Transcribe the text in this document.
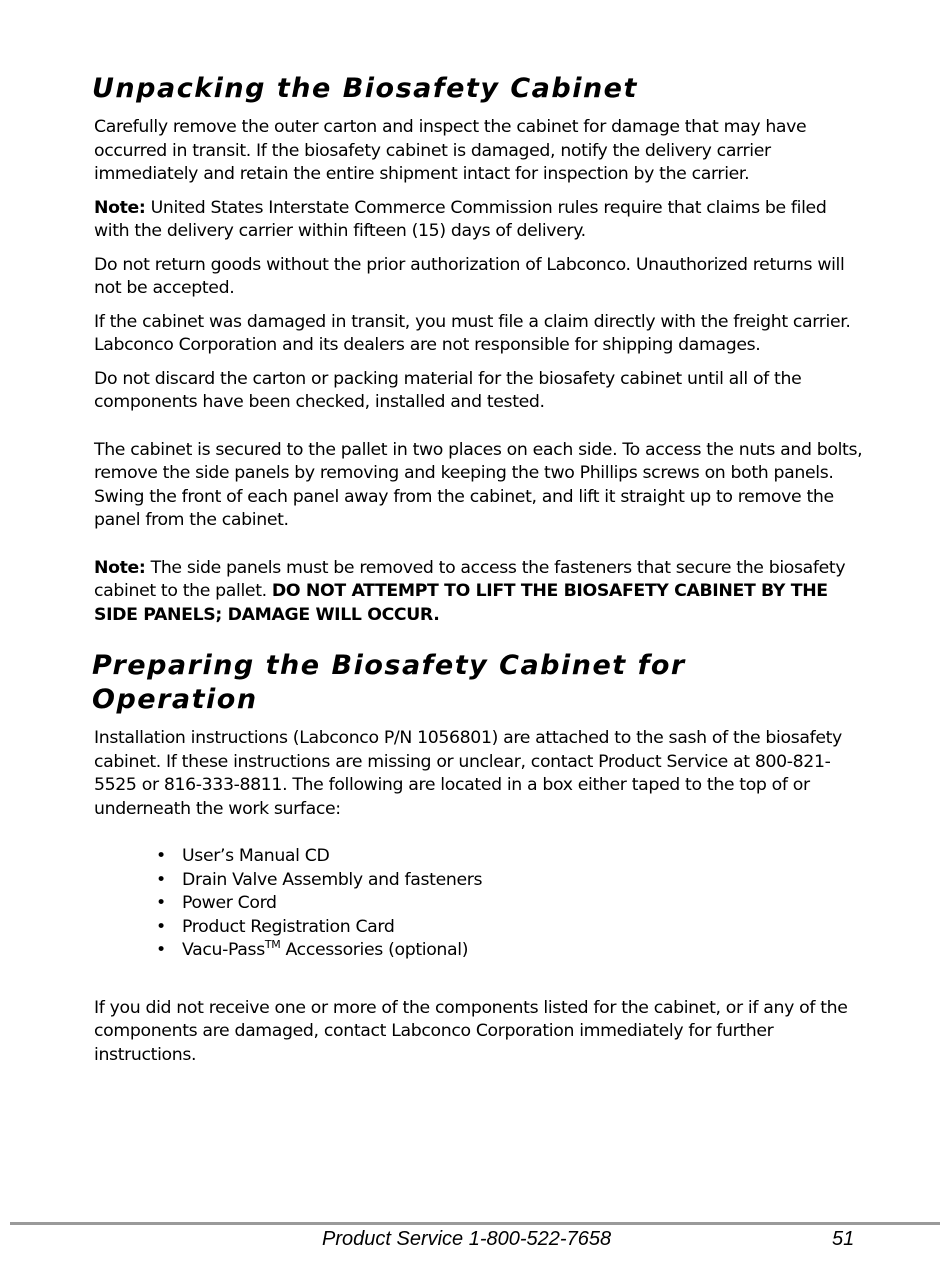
Unpacking the Biosafety Cabinet

Carefully remove the outer carton and inspect the cabinet for damage that may have occurred in transit. If the biosafety cabinet is damaged, notify the delivery carrier immediately and retain the entire shipment intact for inspection by the carrier.

Note: United States Interstate Commerce Commission rules require that claims be filed with the delivery carrier within fifteen (15) days of delivery.

Do not return goods without the prior authorization of Labconco. Unauthorized returns will not be accepted.

If the cabinet was damaged in transit, you must file a claim directly with the freight carrier. Labconco Corporation and its dealers are not responsible for shipping damages.

Do not discard the carton or packing material for the biosafety cabinet until all of the components have been checked, installed and tested.

The cabinet is secured to the pallet in two places on each side. To access the nuts and bolts, remove the side panels by removing and keeping the two Phillips screws on both panels. Swing the front of each panel away from the cabinet, and lift it straight up to remove the panel from the cabinet.

Note: The side panels must be removed to access the fasteners that secure the biosafety cabinet to the pallet. DO NOT ATTEMPT TO LIFT THE BIOSAFETY CABINET BY THE SIDE PANELS; DAMAGE WILL OCCUR.

Preparing the Biosafety Cabinet for Operation

Installation instructions (Labconco P/N 1056801) are attached to the sash of the biosafety cabinet. If these instructions are missing or unclear, contact Product Service at 800-821-5525 or 816-333-8811. The following are located in a box either taped to the top of or underneath the work surface:

• User’s Manual CD
• Drain Valve Assembly and fasteners
• Power Cord
• Product Registration Card
• Vacu-Pass™ Accessories (optional)

If you did not receive one or more of the components listed for the cabinet, or if any of the components are damaged, contact Labconco Corporation immediately for further instructions.

Product Service 1-800-522-7658	51
